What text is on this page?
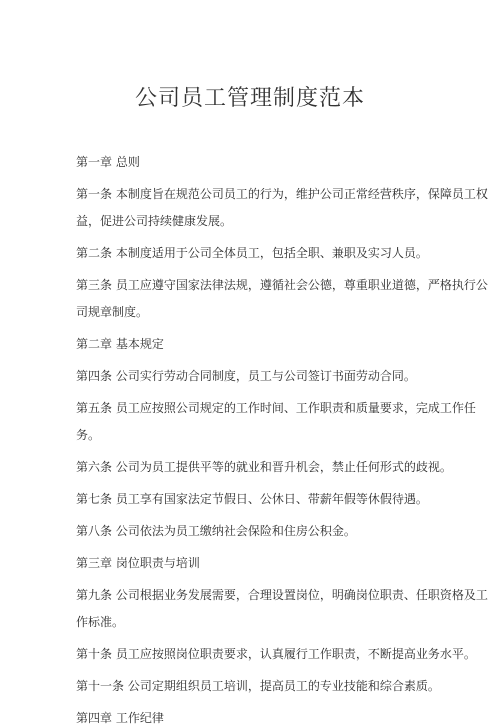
公司员工管理制度范本

第一章 总则

第一条 本制度旨在规范公司员工的行为，维护公司正常经营秩序，保障员工权

益，促进公司持续健康发展。

第二条 本制度适用于公司全体员工，包括全职、兼职及实习人员。

第三条 员工应遵守国家法律法规，遵循社会公德，尊重职业道德，严格执行公

司规章制度。

第二章 基本规定

第四条 公司实行劳动合同制度，员工与公司签订书面劳动合同。

第五条 员工应按照公司规定的工作时间、工作职责和质量要求，完成工作任

务。

第六条 公司为员工提供平等的就业和晋升机会，禁止任何形式的歧视。

第七条 员工享有国家法定节假日、公休日、带薪年假等休假待遇。

第八条 公司依法为员工缴纳社会保险和住房公积金。

第三章 岗位职责与培训

第九条 公司根据业务发展需要，合理设置岗位，明确岗位职责、任职资格及工

作标准。

第十条 员工应按照岗位职责要求，认真履行工作职责，不断提高业务水平。

第十一条 公司定期组织员工培训，提高员工的专业技能和综合素质。

第四章 工作纪律
